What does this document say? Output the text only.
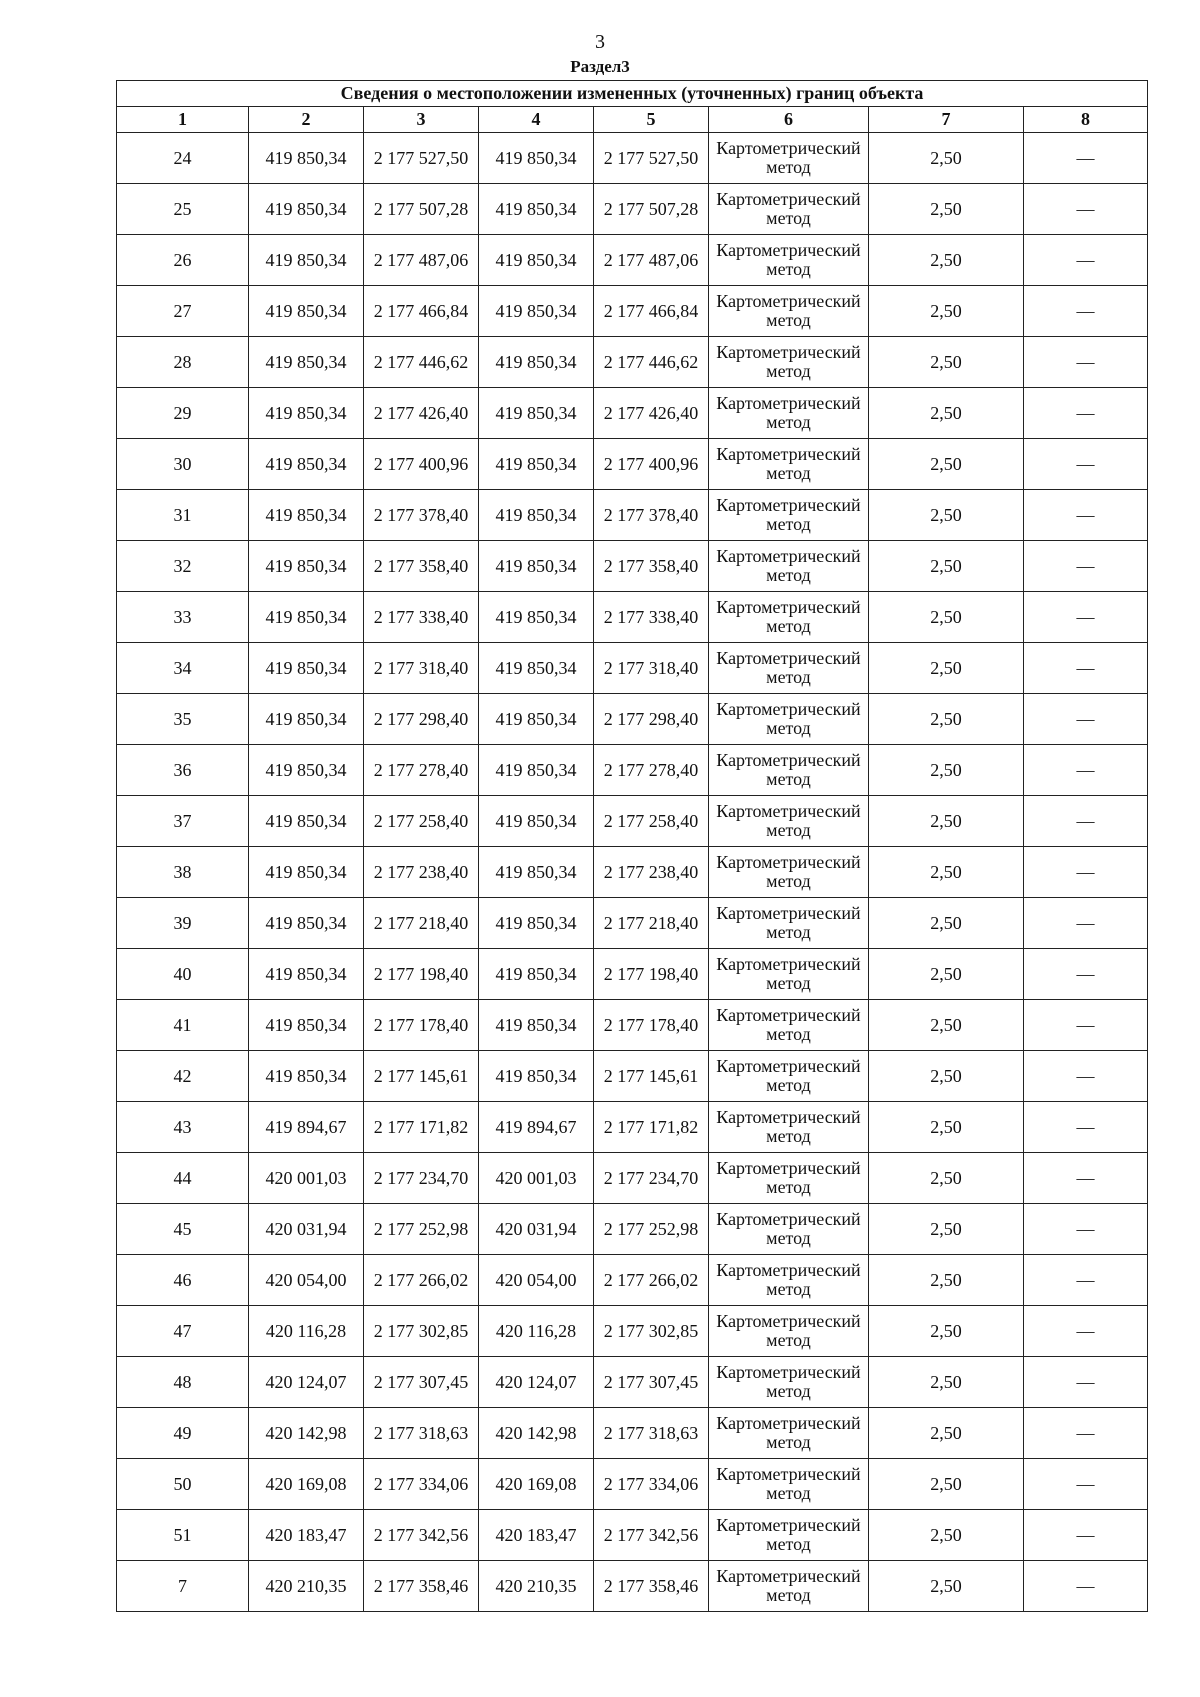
3
Раздел3
Сведения о местоположении измененных (уточненных) границ объекта							
1	2	3	4	5	6	7	8
24	419 850,34	2 177 527,50	419 850,34	2 177 527,50	Картометрический метод	2,50	—
25	419 850,34	2 177 507,28	419 850,34	2 177 507,28	Картометрический метод	2,50	—
26	419 850,34	2 177 487,06	419 850,34	2 177 487,06	Картометрический метод	2,50	—
27	419 850,34	2 177 466,84	419 850,34	2 177 466,84	Картометрический метод	2,50	—
28	419 850,34	2 177 446,62	419 850,34	2 177 446,62	Картометрический метод	2,50	—
29	419 850,34	2 177 426,40	419 850,34	2 177 426,40	Картометрический метод	2,50	—
30	419 850,34	2 177 400,96	419 850,34	2 177 400,96	Картометрический метод	2,50	—
31	419 850,34	2 177 378,40	419 850,34	2 177 378,40	Картометрический метод	2,50	—
32	419 850,34	2 177 358,40	419 850,34	2 177 358,40	Картометрический метод	2,50	—
33	419 850,34	2 177 338,40	419 850,34	2 177 338,40	Картометрический метод	2,50	—
34	419 850,34	2 177 318,40	419 850,34	2 177 318,40	Картометрический метод	2,50	—
35	419 850,34	2 177 298,40	419 850,34	2 177 298,40	Картометрический метод	2,50	—
36	419 850,34	2 177 278,40	419 850,34	2 177 278,40	Картометрический метод	2,50	—
37	419 850,34	2 177 258,40	419 850,34	2 177 258,40	Картометрический метод	2,50	—
38	419 850,34	2 177 238,40	419 850,34	2 177 238,40	Картометрический метод	2,50	—
39	419 850,34	2 177 218,40	419 850,34	2 177 218,40	Картометрический метод	2,50	—
40	419 850,34	2 177 198,40	419 850,34	2 177 198,40	Картометрический метод	2,50	—
41	419 850,34	2 177 178,40	419 850,34	2 177 178,40	Картометрический метод	2,50	—
42	419 850,34	2 177 145,61	419 850,34	2 177 145,61	Картометрический метод	2,50	—
43	419 894,67	2 177 171,82	419 894,67	2 177 171,82	Картометрический метод	2,50	—
44	420 001,03	2 177 234,70	420 001,03	2 177 234,70	Картометрический метод	2,50	—
45	420 031,94	2 177 252,98	420 031,94	2 177 252,98	Картометрический метод	2,50	—
46	420 054,00	2 177 266,02	420 054,00	2 177 266,02	Картометрический метод	2,50	—
47	420 116,28	2 177 302,85	420 116,28	2 177 302,85	Картометрический метод	2,50	—
48	420 124,07	2 177 307,45	420 124,07	2 177 307,45	Картометрический метод	2,50	—
49	420 142,98	2 177 318,63	420 142,98	2 177 318,63	Картометрический метод	2,50	—
50	420 169,08	2 177 334,06	420 169,08	2 177 334,06	Картометрический метод	2,50	—
51	420 183,47	2 177 342,56	420 183,47	2 177 342,56	Картометрический метод	2,50	—
7	420 210,35	2 177 358,46	420 210,35	2 177 358,46	Картометрический метод	2,50	—
